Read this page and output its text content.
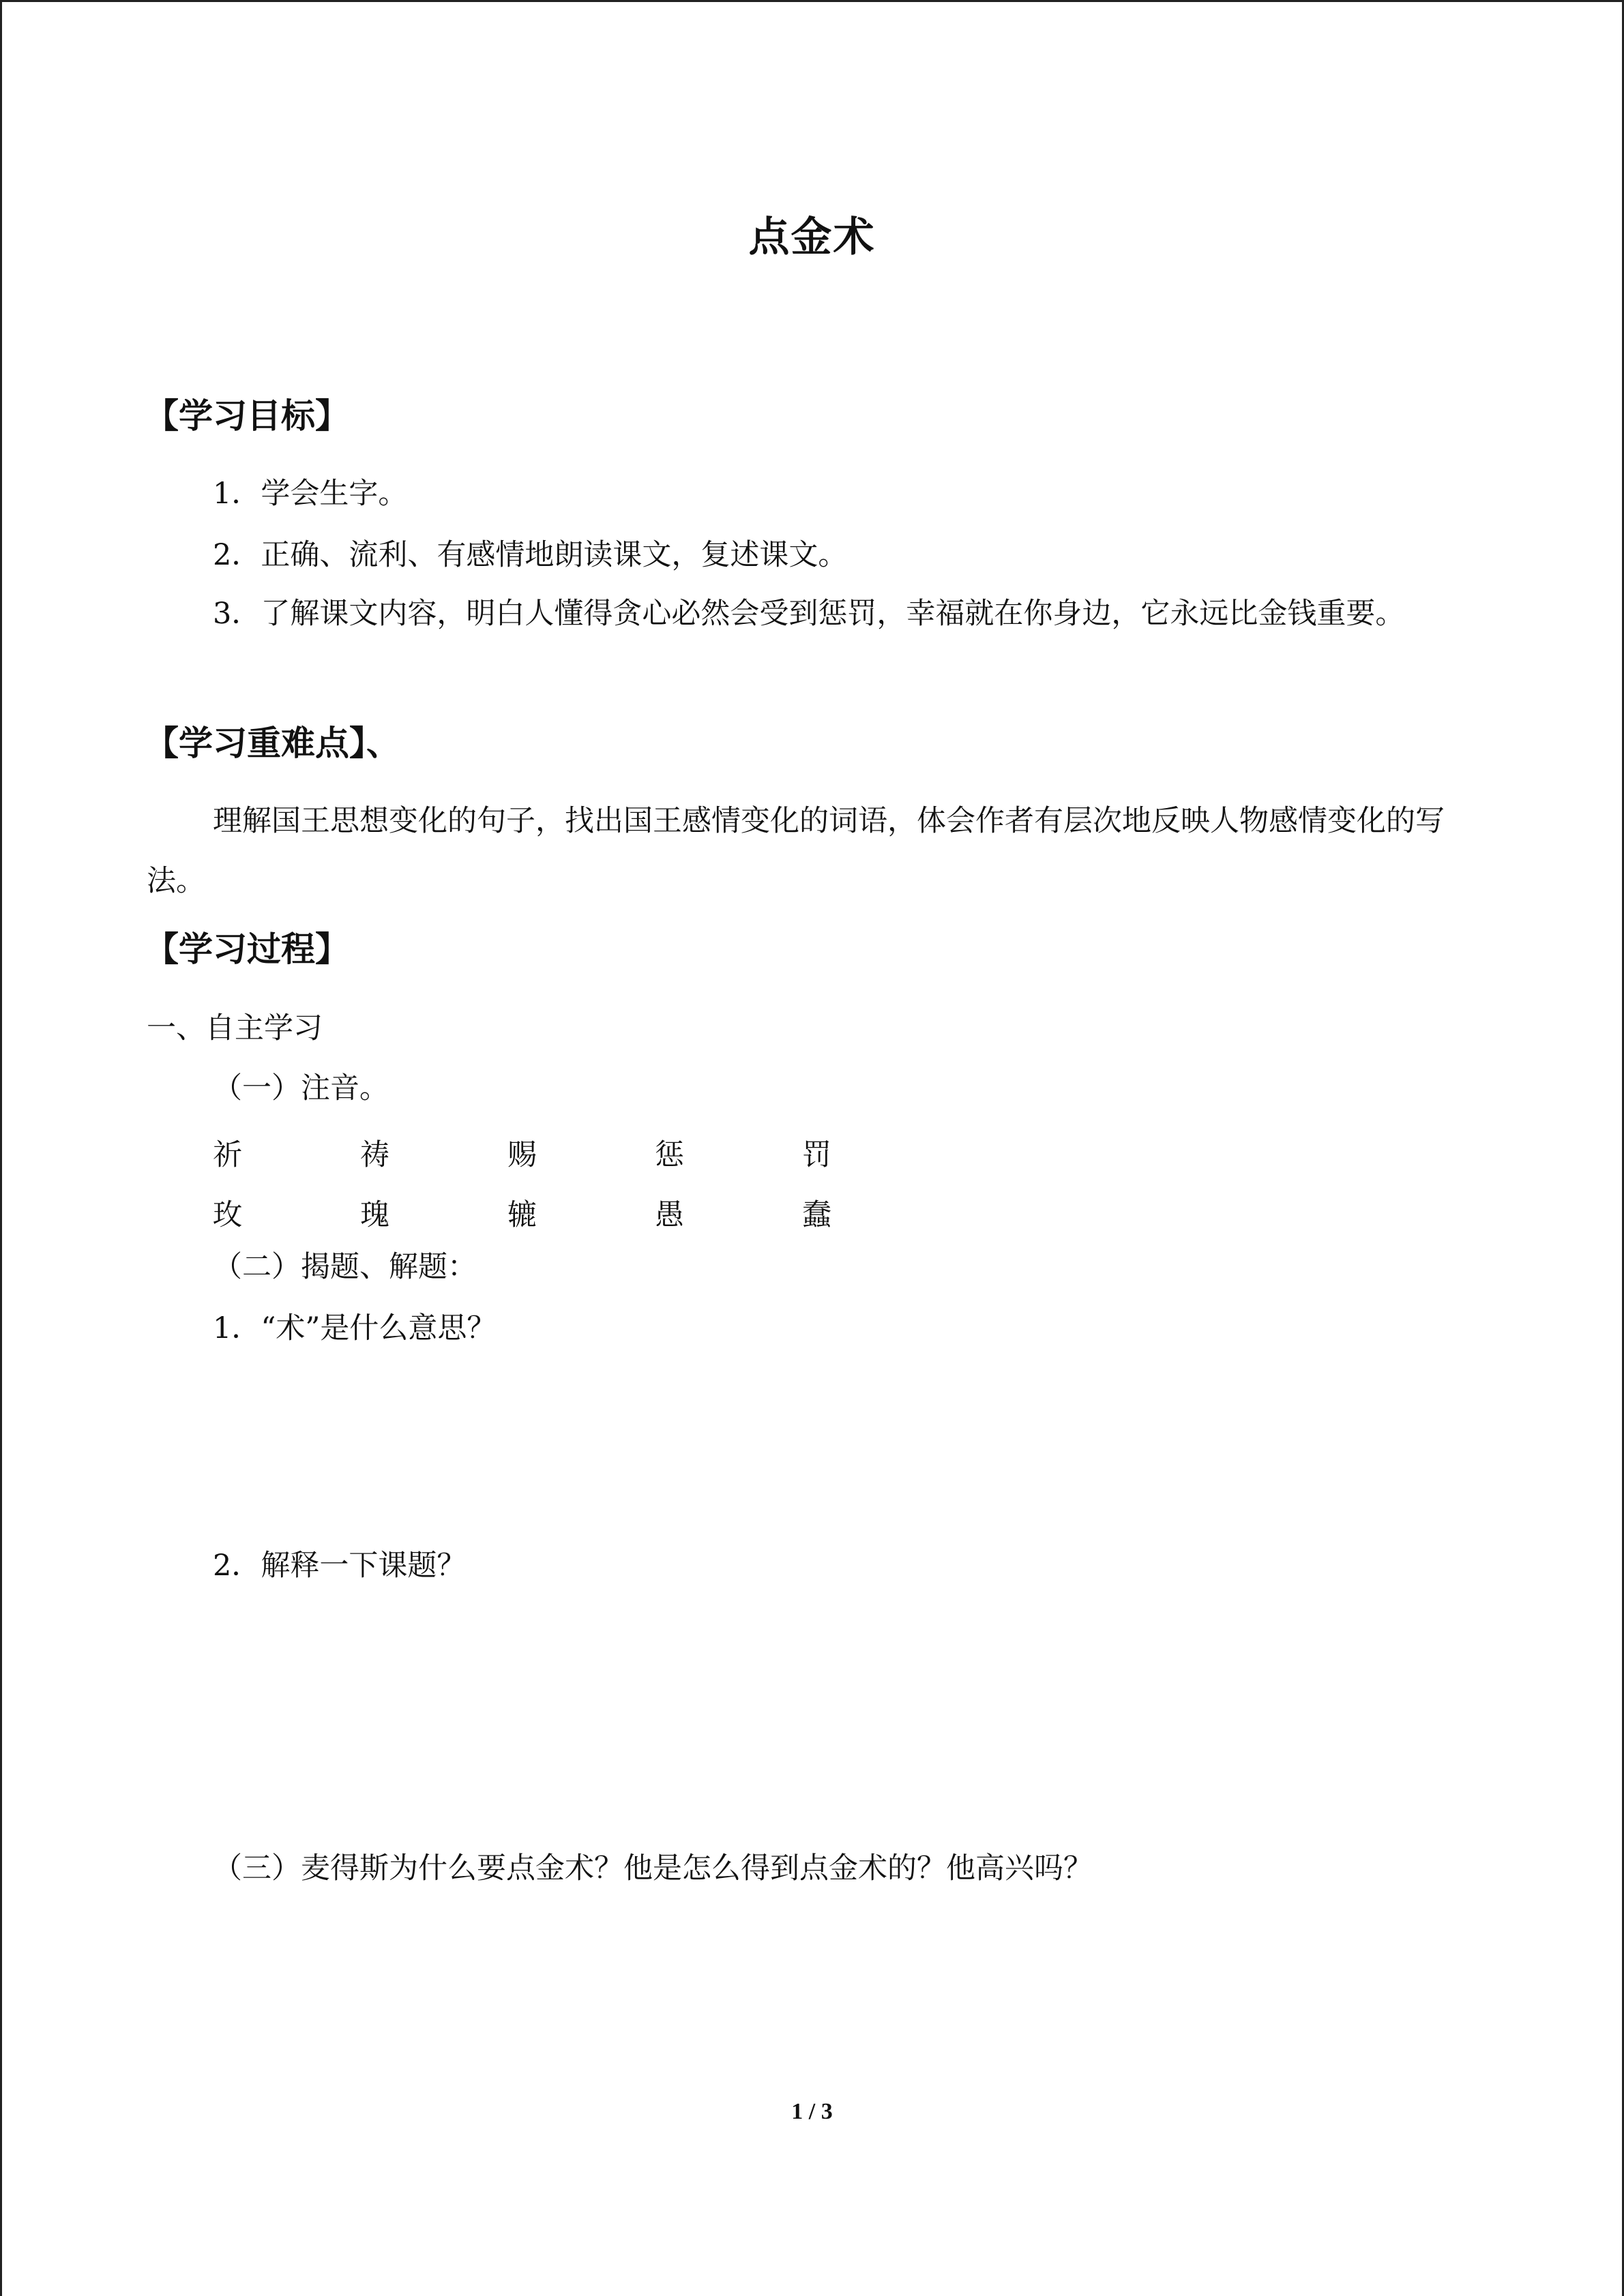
点金术
【学习目标】
1．学会生字。
2．正确、流利、有感情地朗读课文，复述课文。
3．了解课文内容，明白人懂得贪心必然会受到惩罚，幸福就在你身边，它永远比金钱重要。
【学习重难点】、
理解国王思想变化的句子，找出国王感情变化的词语，体会作者有层次地反映人物感情变化的写法。
【学习过程】
一、自主学习
（一）注音。
祈	祷	赐	惩	罚
玫	瑰	辘	愚	蠢
（二）揭题、解题：
1．“术”是什么意思？
2．解释一下课题？
（三）麦得斯为什么要点金术？他是怎么得到点金术的？他高兴吗？
1 / 3
